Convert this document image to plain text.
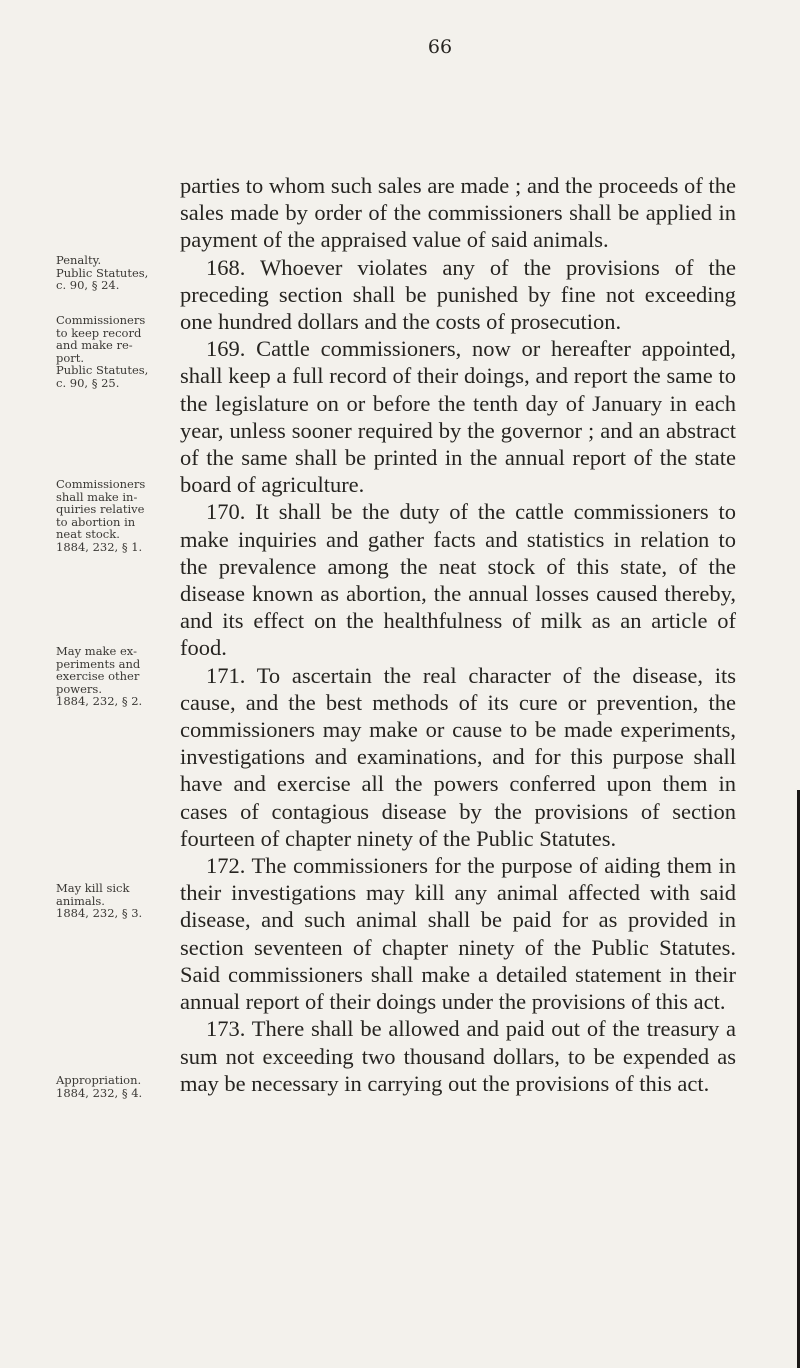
66
Penalty.
Public Statutes,
c. 90, § 24.
Commissioners
to keep record
and make re-
port.
Public Statutes,
c. 90, § 25.
Commissioners
shall make in-
quiries relative
to abortion in
neat stock.
1884, 232, § 1.
May make ex-
periments and
exercise other
powers.
1884, 232, § 2.
May kill sick
animals.
1884, 232, § 3.
Appropriation.
1884, 232, § 4.

parties to whom such sales are made ; and the proceeds of the sales made by order of the commissioners shall be applied in payment of the appraised value of said animals.

168. Whoever violates any of the provisions of the preceding section shall be punished by fine not exceeding one hundred dollars and the costs of prosecution.

169. Cattle commissioners, now or hereafter appointed, shall keep a full record of their doings, and report the same to the legislature on or before the tenth day of January in each year, unless sooner required by the governor ; and an abstract of the same shall be printed in the annual report of the state board of agriculture.

170. It shall be the duty of the cattle commissioners to make inquiries and gather facts and statistics in relation to the prevalence among the neat stock of this state, of the disease known as abortion, the annual losses caused thereby, and its effect on the healthfulness of milk as an article of food.

171. To ascertain the real character of the disease, its cause, and the best methods of its cure or prevention, the commissioners may make or cause to be made experiments, investigations and examinations, and for this purpose shall have and exercise all the powers conferred upon them in cases of contagious disease by the provisions of section fourteen of chapter ninety of the Public Statutes.

172. The commissioners for the purpose of aiding them in their investigations may kill any animal affected with said disease, and such animal shall be paid for as provided in section seventeen of chapter ninety of the Public Statutes. Said commissioners shall make a detailed statement in their annual report of their doings under the provisions of this act.

173. There shall be allowed and paid out of the treasury a sum not exceeding two thousand dollars, to be expended as may be necessary in carrying out the provisions of this act.
